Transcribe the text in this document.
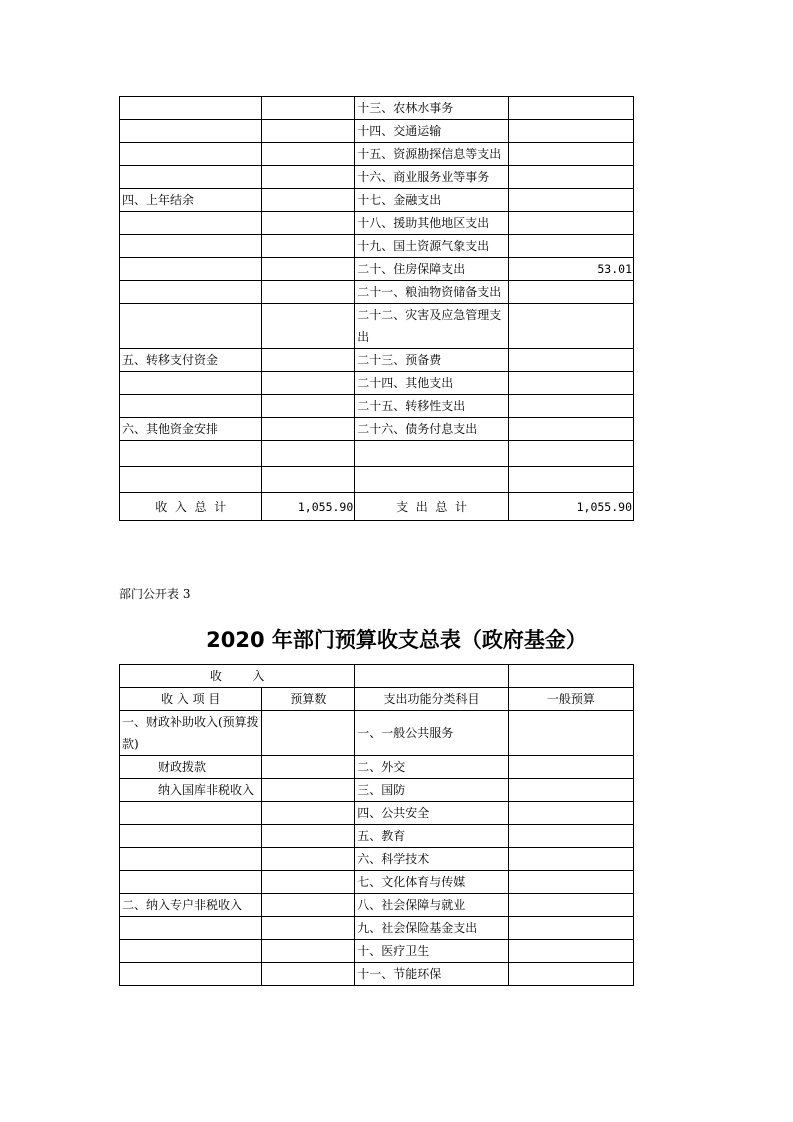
		十三、农林水事务	
		十四、交通运输	
		十五、资源勘探信息等支出	
		十六、商业服务业等事务	
四、上年结余		十七、金融支出	
		十八、援助其他地区支出	
		十九、国土资源气象支出	
		二十、住房保障支出	53.01
		二十一、粮油物资储备支出	
		二十二、灾害及应急管理支出	
五、转移支付资金		二十三、预备费	
		二十四、其他支出	
		二十五、转移性支出	
六、其他资金安排		二十六、债务付息支出	

收  入  总  计	1,055.90	支  出  总  计	1,055.90
部门公开表 3
2020 年部门预算收支总表（政府基金）
收        入			
收 入 项 目	预算数	支出功能分类科目	一般预算
一、财政补助收入(预算拨款)		一、一般公共服务	
财政拨款		二、外交	
纳入国库非税收入		三、国防	
		四、公共安全	
		五、教育	
		六、科学技术	
		七、文化体育与传媒	
二、纳入专户非税收入		八、社会保障与就业	
		九、社会保险基金支出	
		十、医疗卫生	
		十一、节能环保	
